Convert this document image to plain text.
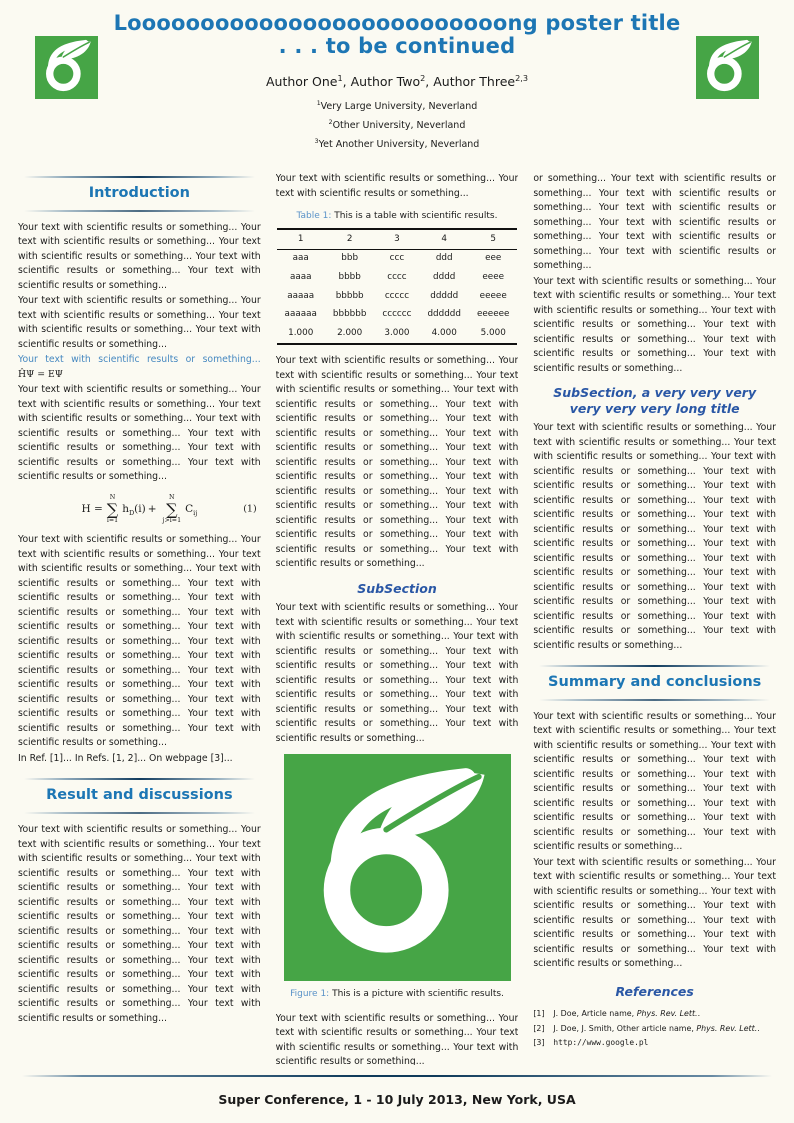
Loooooooooooooooooooooooooong poster title
. . . to be continued
Author One$^1$, Author Two$^2$, Author Three$^{2,3}$
$^1$Very Large University, Neverland
$^2$Other University, Neverland
$^3$Yet Another University, Neverland
Introduction

Your text with scientific results or something... Your text with scientific results or something... Your text with scientific results or something... Your text with scientific results or something... Your text with scientific results or something...

Your text with scientific results or something... Your text with scientific results or something... Your text with scientific results or something... Your text with scientific results or something...

Your text with scientific results or something... ĤΨ = EΨ

Your text with scientific results or something... Your text with scientific results or something... Your text with scientific results or something... Your text with scientific results or something... Your text with scientific results or something... Your text with scientific results or something... Your text with scientific results or something...

H
=
N
∑
i=1
$h_D(i)$ +
N
∑
j>i=1
$C_{ij}$	(1)

Your text with scientific results or something... Your text with scientific results or something... Your text with scientific results or something... Your text with scientific results or something... Your text with scientific results or something... Your text with scientific results or something... Your text with scientific results or something... Your text with scientific results or something... Your text with scientific results or something... Your text with scientific results or something... Your text with scientific results or something... Your text with scientific results or something... Your text with scientific results or something... Your text with scientific results or something... Your text with scientific results or something...

In Ref. [1]... In Refs. [1, 2]... On webpage [3]...

Result and discussions

Your text with scientific results or something... Your text with scientific results or something... Your text with scientific results or something... Your text with scientific results or something... Your text with scientific results or something... Your text with scientific results or something... Your text with scientific results or something... Your text with scientific results or something... Your text with scientific results or something... Your text with scientific results or something... Your text with scientific results or something... Your text with scientific results or something... Your text with scientific results or something... Your text with scientific results or something...

Your text with scientific results or something... Your text with scientific results or something...

Table 1: This is a table with scientific results.
1	2	3	4	5
aaa	bbb	ccc	ddd	eee
aaaa	bbbb	cccc	dddd	eeee
aaaaa	bbbbb	ccccc	ddddd	eeeee
aaaaaa	bbbbbb	cccccc	dddddd	eeeeee
1.000	2.000	3.000	4.000	5.000

Your text with scientific results or something... Your text with scientific results or something... Your text with scientific results or something... Your text with scientific results or something... Your text with scientific results or something... Your text with scientific results or something... Your text with scientific results or something... Your text with scientific results or something... Your text with scientific results or something... Your text with scientific results or something... Your text with scientific results or something... Your text with scientific results or something... Your text with scientific results or something... Your text with scientific results or something... Your text with scientific results or something...

SubSection

Your text with scientific results or something... Your text with scientific results or something... Your text with scientific results or something... Your text with scientific results or something... Your text with scientific results or something... Your text with scientific results or something... Your text with scientific results or something... Your text with scientific results or something... Your text with scientific results or something... Your text with scientific results or something...

Figure 1: This is a picture with scientific results.

Your text with scientific results or something... Your text with scientific results or something... Your text with scientific results or something... Your text with scientific results or something...

or something... Your text with scientific results or something... Your text with scientific results or something... Your text with scientific results or something... Your text with scientific results or something... Your text with scientific results or something... Your text with scientific results or something...

Your text with scientific results or something... Your text with scientific results or something... Your text with scientific results or something... Your text with scientific results or something... Your text with scientific results or something... Your text with scientific results or something... Your text with scientific results or something...

SubSection, a very very very very very very long title

Your text with scientific results or something... Your text with scientific results or something... Your text with scientific results or something... Your text with scientific results or something... Your text with scientific results or something... Your text with scientific results or something... Your text with scientific results or something... Your text with scientific results or something... Your text with scientific results or something... Your text with scientific results or something... Your text with scientific results or something... Your text with scientific results or something... Your text with scientific results or something... Your text with scientific results or something... Your text with scientific results or something... Your text with scientific results or something...

Summary and conclusions

Your text with scientific results or something... Your text with scientific results or something... Your text with scientific results or something... Your text with scientific results or something... Your text with scientific results or something... Your text with scientific results or something... Your text with scientific results or something... Your text with scientific results or something... Your text with scientific results or something... Your text with scientific results or something...

Your text with scientific results or something... Your text with scientific results or something... Your text with scientific results or something... Your text with scientific results or something... Your text with scientific results or something... Your text with scientific results or something... Your text with scientific results or something... Your text with scientific results or something...

References
[1] J. Doe, Article name, Phys. Rev. Lett..
[2] J. Doe, J. Smith, Other article name, Phys. Rev. Lett..
[3] http://www.google.pl
Super Conference, 1 - 10 July 2013, New York, USA
